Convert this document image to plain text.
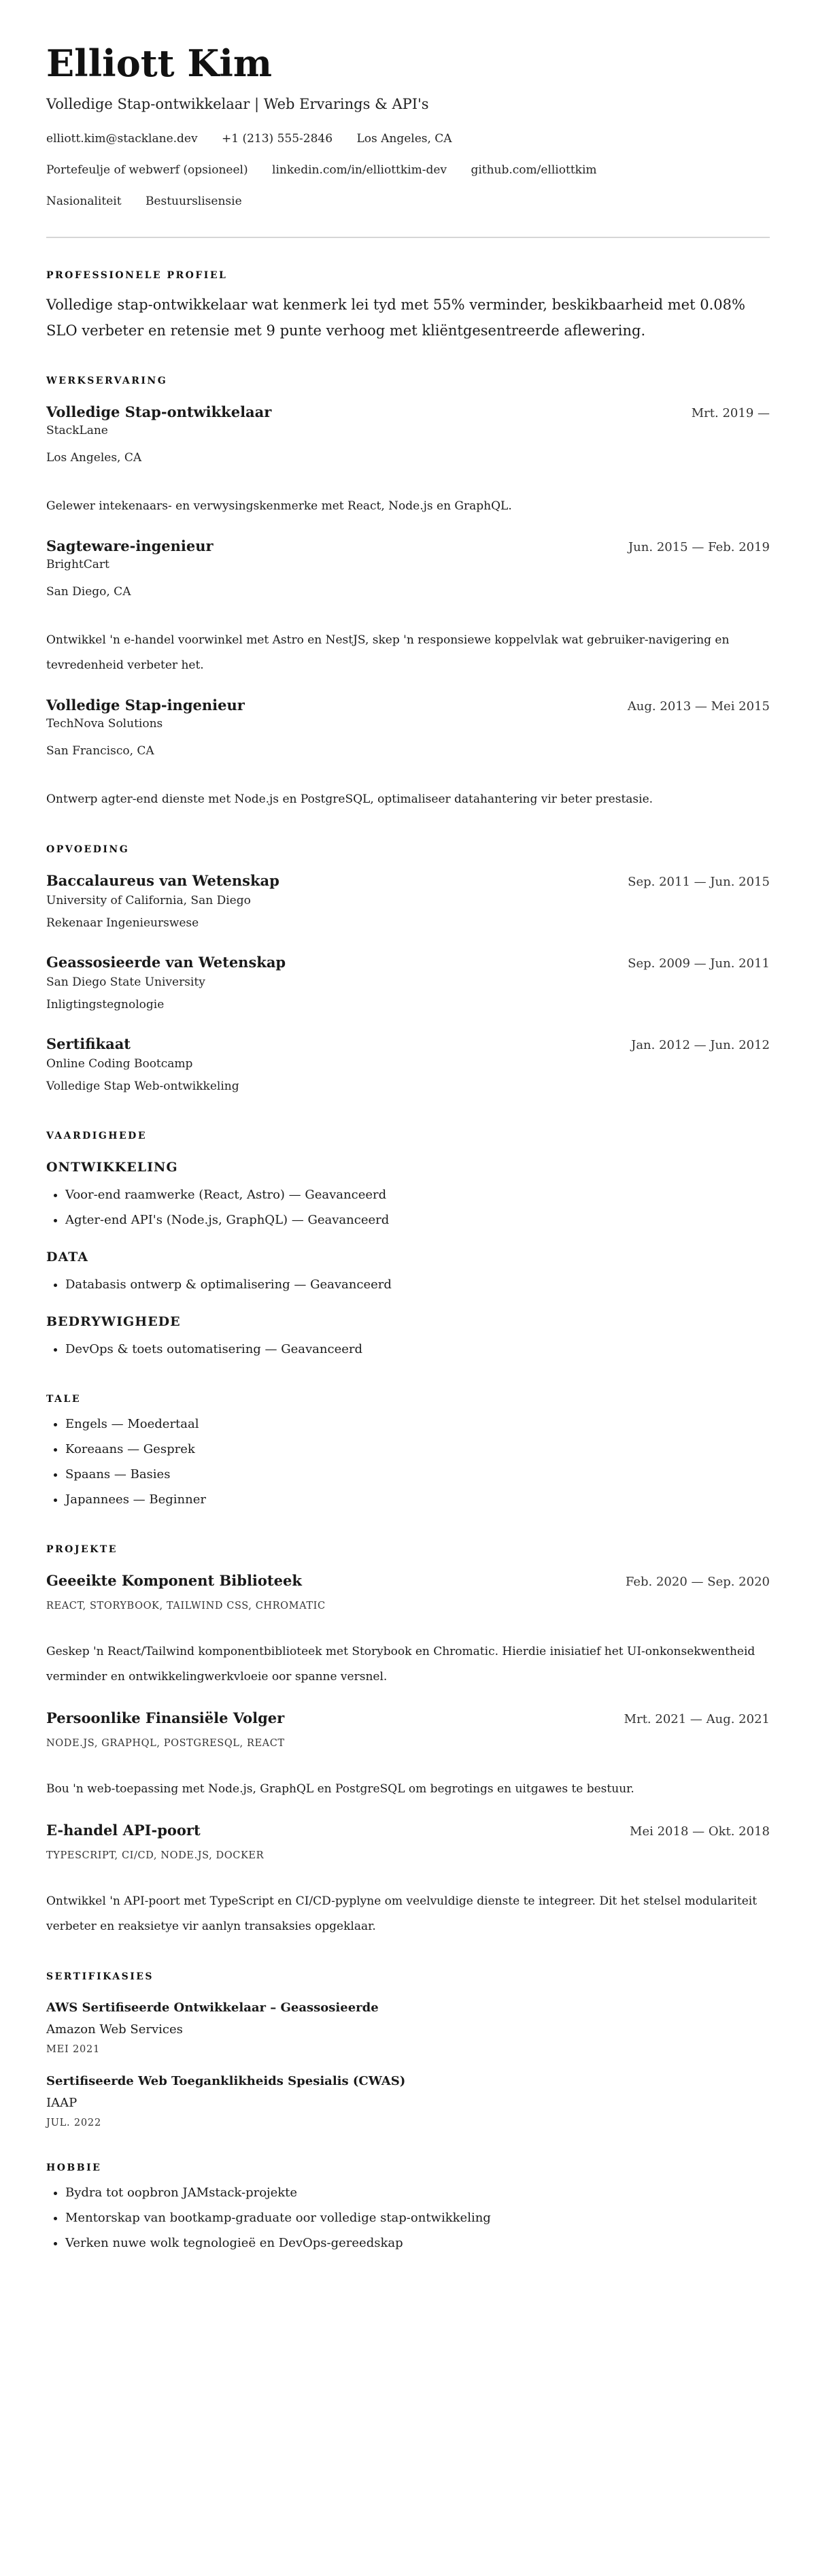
Elliott Kim
Volledige Stap-ontwikkelaar | Web Ervarings & API's
elliott.kim@stacklane.dev +1 (213) 555-2846 Los Angeles, CA
Portefeulje of webwerf (opsioneel) linkedin.com/in/elliottkim-dev github.com/elliottkim
Nasionaliteit Bestuurslisensie
PROFESSIONELE PROFIEL
Volledige stap-ontwikkelaar wat kenmerk lei tyd met 55% verminder, beskikbaarheid met 0.08% SLO verbeter en retensie met 9 punte verhoog met kliëntgesentreerde aflewering.
WERKSERVARING
Volledige Stap-ontwikkelaar	Mrt. 2019 —
StackLane
Los Angeles, CA
Gelewer intekenaars- en verwysingskenmerke met React, Node.js en GraphQL.
Sagteware-ingenieur	Jun. 2015 — Feb. 2019
BrightCart
San Diego, CA
Ontwikkel 'n e-handel voorwinkel met Astro en NestJS, skep 'n responsiewe koppelvlak wat gebruiker-navigering en tevredenheid verbeter het.
Volledige Stap-ingenieur	Aug. 2013 — Mei 2015
TechNova Solutions
San Francisco, CA
Ontwerp agter-end dienste met Node.js en PostgreSQL, optimaliseer datahantering vir beter prestasie.
OPVOEDING
Baccalaureus van Wetenskap	Sep. 2011 — Jun. 2015
University of California, San Diego
Rekenaar Ingenieurswese
Geassosieerde van Wetenskap	Sep. 2009 — Jun. 2011
San Diego State University
Inligtingstegnologie
Sertifikaat	Jan. 2012 — Jun. 2012
Online Coding Bootcamp
Volledige Stap Web-ontwikkeling
VAARDIGHEDE
ONTWIKKELING
• Voor-end raamwerke (React, Astro) — Geavanceerd
• Agter-end API's (Node.js, GraphQL) — Geavanceerd
DATA
• Databasis ontwerp & optimalisering — Geavanceerd
BEDRYWIGHEDE
• DevOps & toets outomatisering — Geavanceerd
TALE
• Engels — Moedertaal
• Koreaans — Gesprek
• Spaans — Basies
• Japannees — Beginner
PROJEKTE
Geeeikte Komponent Biblioteek	Feb. 2020 — Sep. 2020
REACT, STORYBOOK, TAILWIND CSS, CHROMATIC
Geskep 'n React/Tailwind komponentbiblioteek met Storybook en Chromatic. Hierdie inisiatief het UI-onkonsekwentheid verminder en ontwikkelingwerkvloeie oor spanne versnel.
Persoonlike Finansiële Volger	Mrt. 2021 — Aug. 2021
NODE.JS, GRAPHQL, POSTGRESQL, REACT
Bou 'n web-toepassing met Node.js, GraphQL en PostgreSQL om begrotings en uitgawes te bestuur.
E-handel API-poort	Mei 2018 — Okt. 2018
TYPESCRIPT, CI/CD, NODE.JS, DOCKER
Ontwikkel 'n API-poort met TypeScript en CI/CD-pyplyne om veelvuldige dienste te integreer. Dit het stelsel modulariteit verbeter en reaksietye vir aanlyn transaksies opgeklaar.
SERTIFIKASIES
AWS Sertifiseerde Ontwikkelaar – Geassosieerde
Amazon Web Services
MEI 2021
Sertifiseerde Web Toeganklikheids Spesialis (CWAS)
IAAP
JUL. 2022
HOBBIE
• Bydra tot oopbron JAMstack-projekte
• Mentorskap van bootkamp-graduate oor volledige stap-ontwikkeling
• Verken nuwe wolk tegnologieë en DevOps-gereedskap
